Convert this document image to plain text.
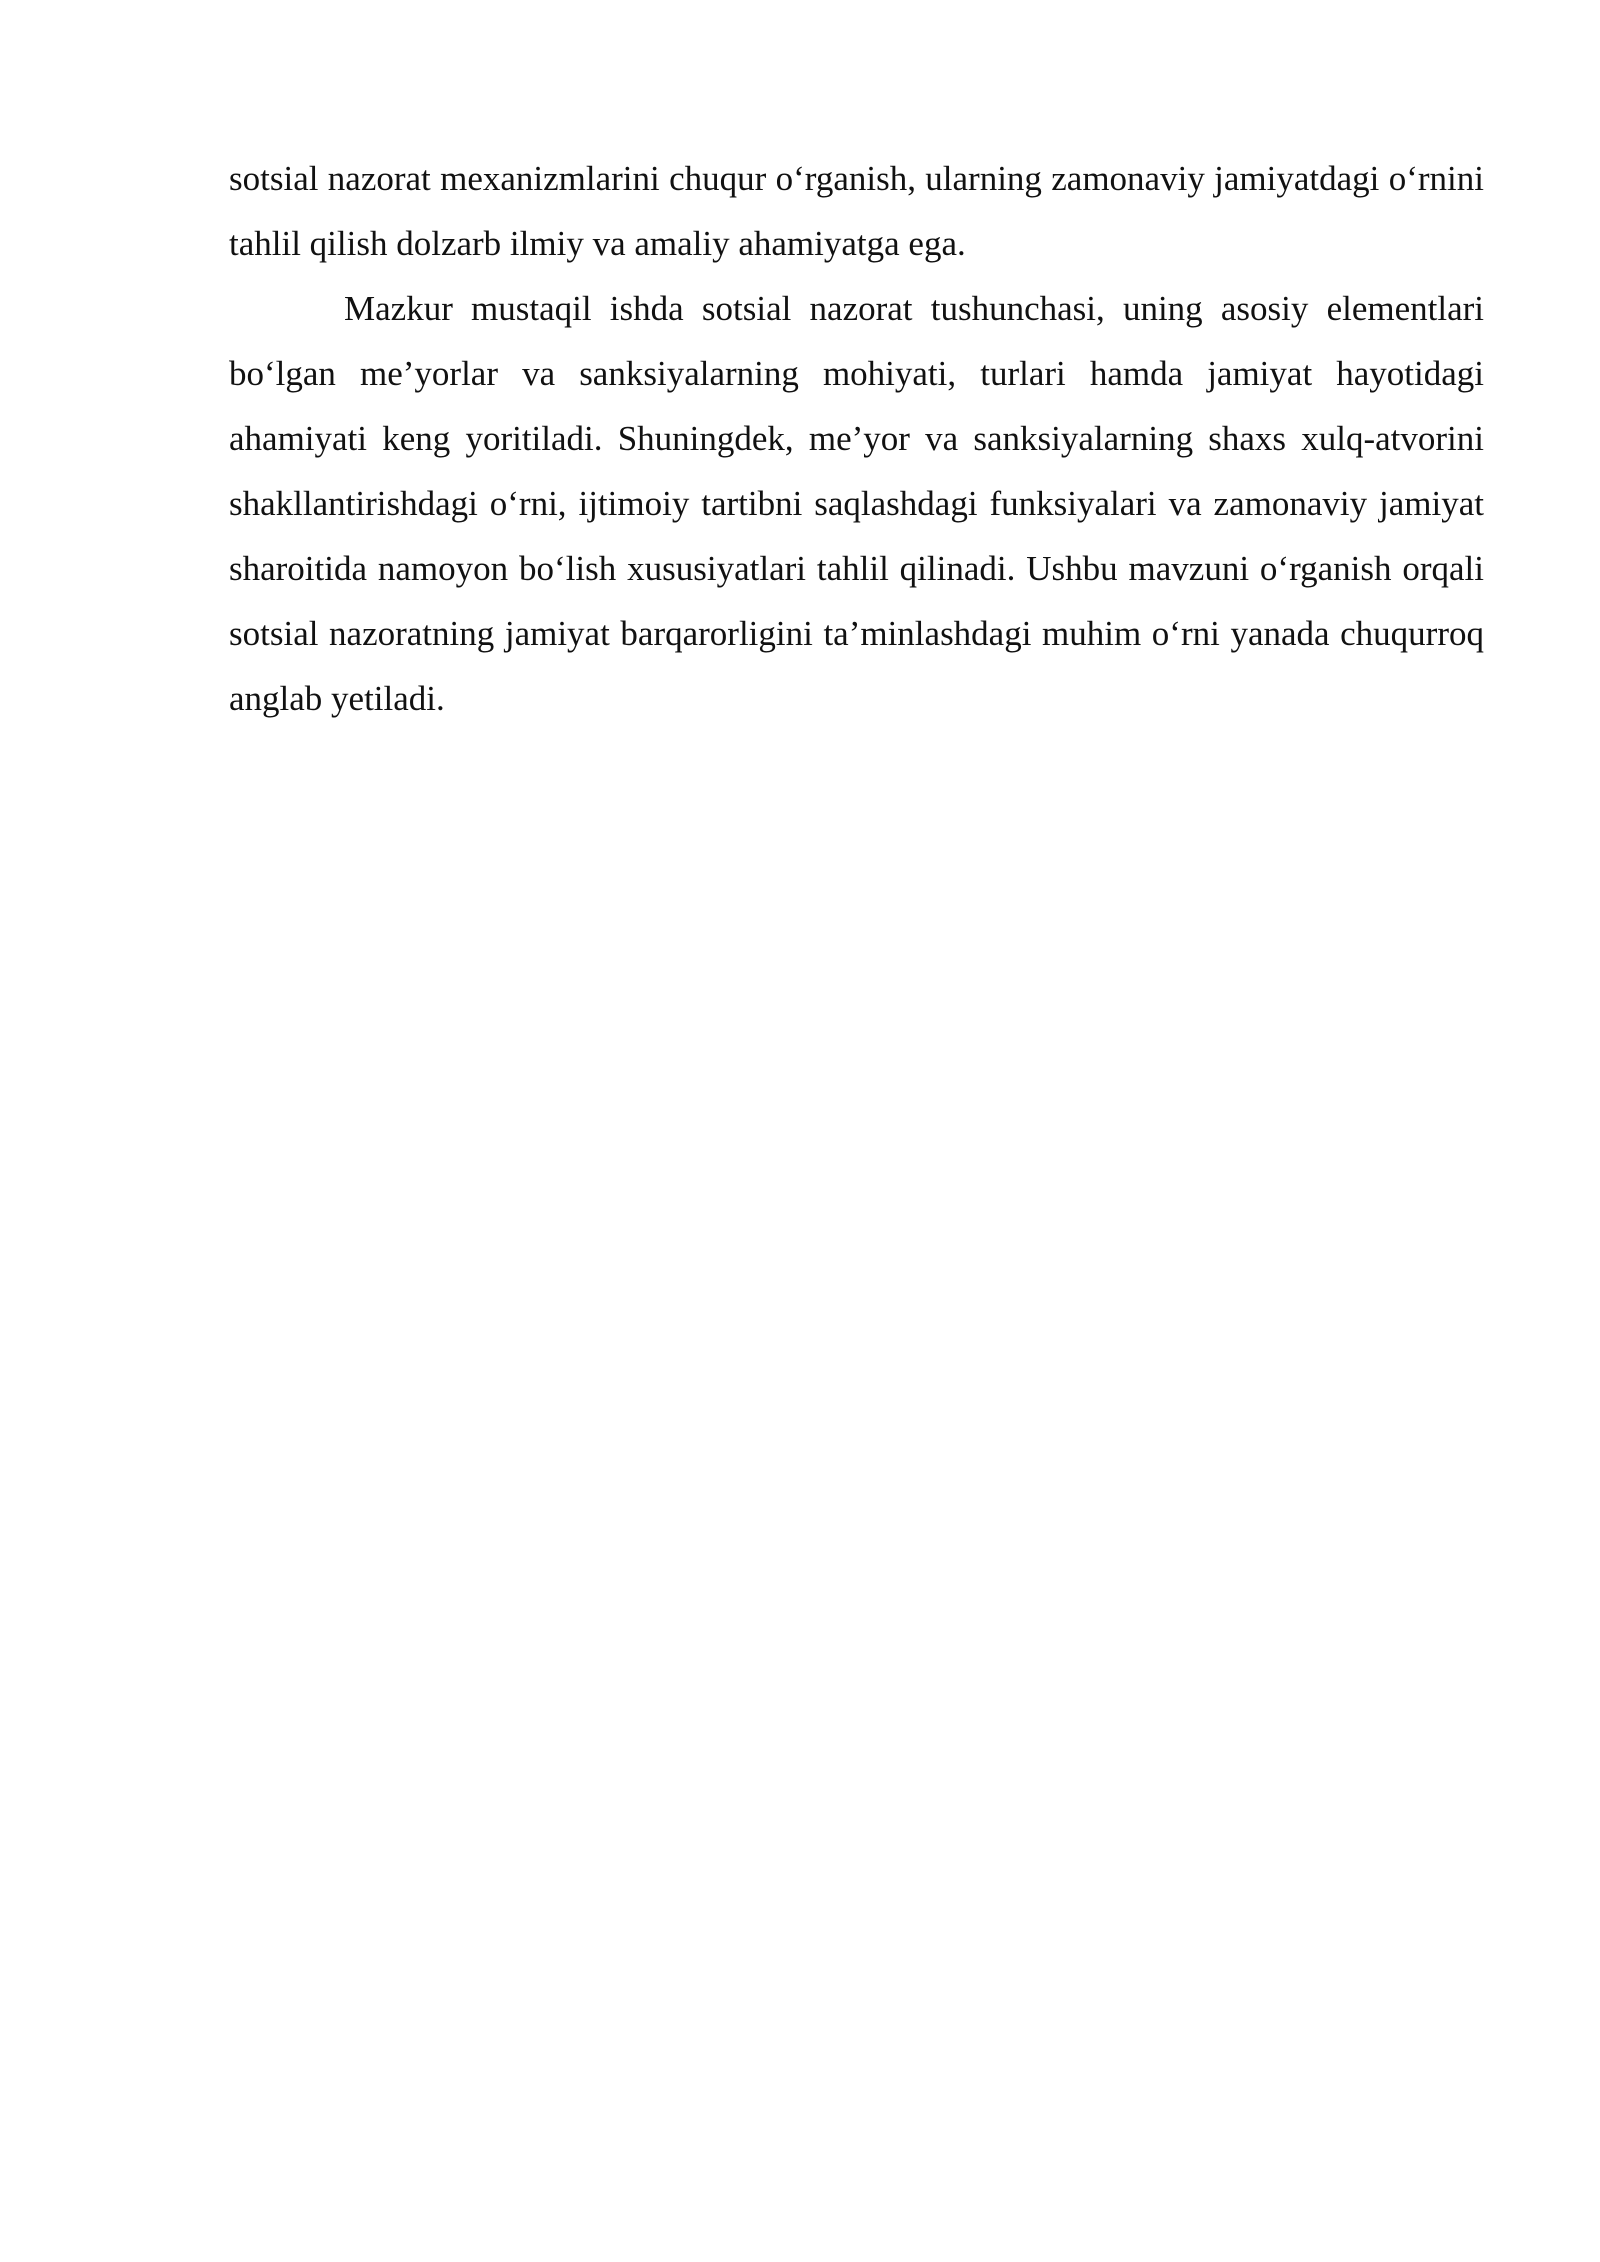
sotsial nazorat mexanizmlarini chuqur o‘rganish, ularning zamonaviy jamiyatdagi o‘rnini tahlil qilish dolzarb ilmiy va amaliy ahamiyatga ega.

Mazkur mustaqil ishda sotsial nazorat tushunchasi, uning asosiy elementlari bo‘lgan me’yorlar va sanksiyalarning mohiyati, turlari hamda jamiyat hayotidagi ahamiyati keng yoritiladi. Shuningdek, me’yor va sanksiyalarning shaxs xulq-atvorini shakllantirishdagi o‘rni, ijtimoiy tartibni saqlashdagi funksiyalari va zamonaviy jamiyat sharoitida namoyon bo‘lish xususiyatlari tahlil qilinadi. Ushbu mavzuni o‘rganish orqali sotsial nazoratning jamiyat barqarorligini ta’minlashdagi muhim o‘rni yanada chuqurroq anglab yetiladi.
